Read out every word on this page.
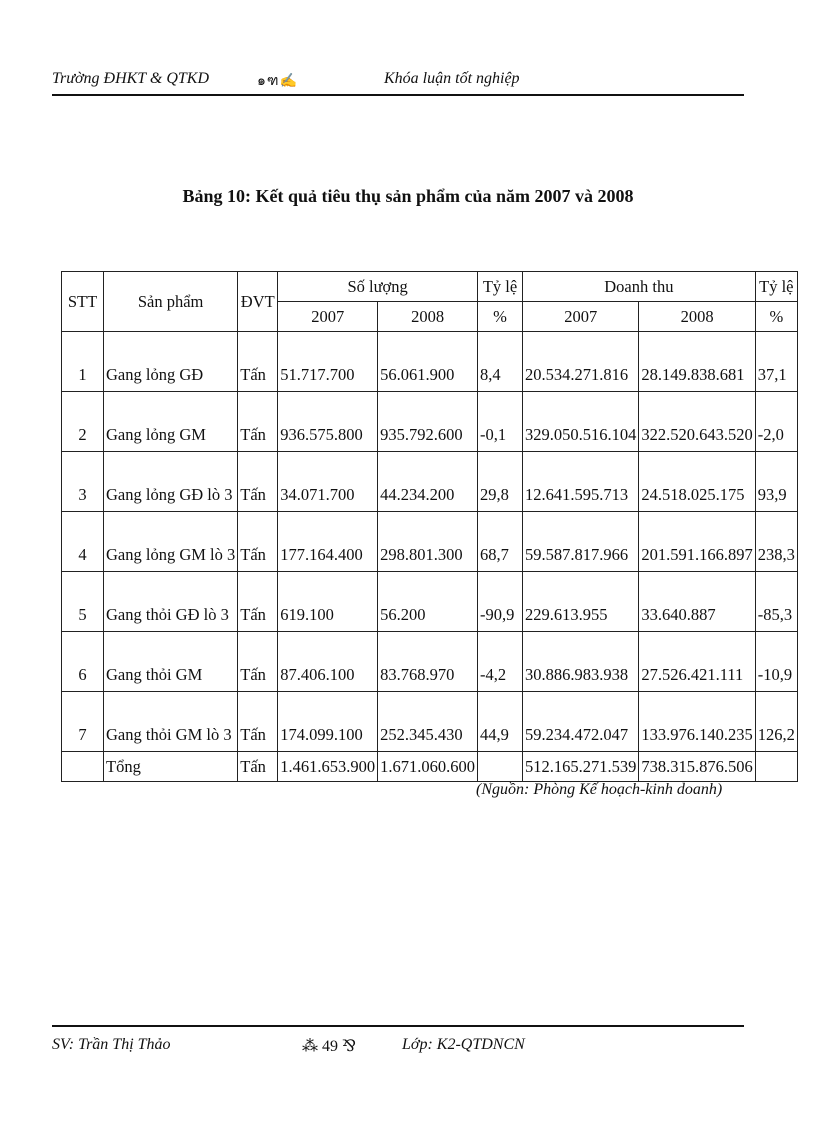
Trường ĐHKT & QTKD	๑ฑ✍	Khóa luận tốt nghiệp
Bảng 10: Kết quả tiêu thụ sản phẩm của năm 2007 và 2008
STT	Sản phẩm	ĐVT	Số lượng		Tỷ lệ	Doanh thu		Tỷ lệ
			2007	2008	%	2007	2008	%
1	Gang lỏng GĐ	Tấn	51.717.700	56.061.900	8,4	20.534.271.816	28.149.838.681	37,1
2	Gang lỏng GM	Tấn	936.575.800	935.792.600	-0,1	329.050.516.104	322.520.643.520	-2,0
3	Gang lỏng GĐ lò 3	Tấn	34.071.700	44.234.200	29,8	12.641.595.713	24.518.025.175	93,9
4	Gang lỏng GM lò 3	Tấn	177.164.400	298.801.300	68,7	59.587.817.966	201.591.166.897	238,3
5	Gang thỏi GĐ lò 3	Tấn	619.100	56.200	-90,9	229.613.955	33.640.887	-85,3
6	Gang thỏi GM	Tấn	87.406.100	83.768.970	-4,2	30.886.983.938	27.526.421.111	-10,9
7	Gang thỏi GM lò 3	Tấn	174.099.100	252.345.430	44,9	59.234.472.047	133.976.140.235	126,2
	Tổng	Tấn	1.461.653.900	1.671.060.600		512.165.271.539	738.315.876.506	
(Nguồn: Phòng Kế hoạch-kinh doanh)
SV: Trần Thị Thảo	⁂ 49 ⅋	Lớp: K2-QTDNCN
